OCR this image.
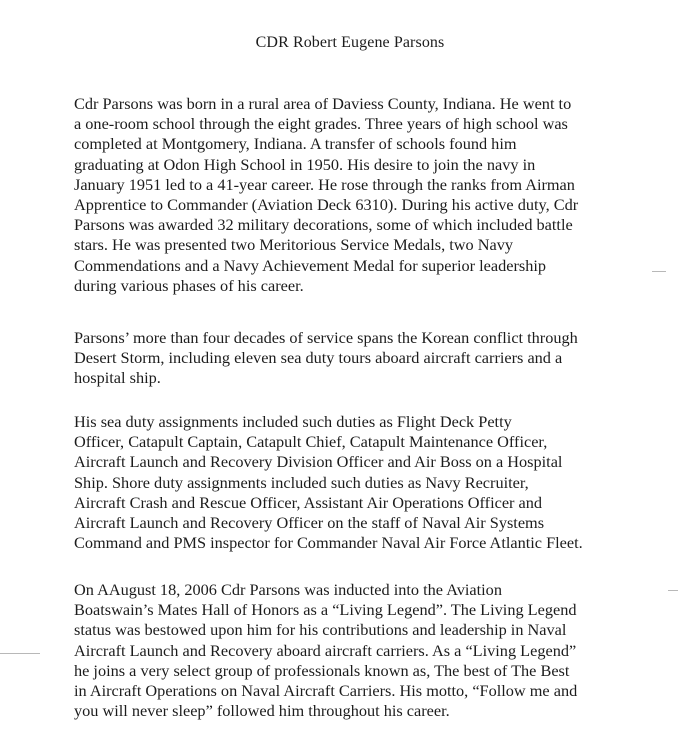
CDR Robert Eugene Parsons
Cdr Parsons was born in a rural area of Daviess County, Indiana. He went to
a one-room school through the eight grades. Three years of high school was
completed at Montgomery, Indiana. A transfer of schools found him
graduating at Odon High School in 1950. His desire to join the navy in
January 1951 led to a 41-year career. He rose through the ranks from Airman
Apprentice to Commander (Aviation Deck 6310). During his active duty, Cdr
Parsons was awarded 32 military decorations, some of which included battle
stars. He was presented two Meritorious Service Medals, two Navy
Commendations and a Navy Achievement Medal for superior leadership
during various phases of his career.
Parsons’ more than four decades of service spans the Korean conflict through
Desert Storm, including eleven sea duty tours aboard aircraft carriers and a
hospital ship.
His sea duty assignments included such duties as Flight Deck Petty
Officer, Catapult Captain, Catapult Chief, Catapult Maintenance Officer,
Aircraft Launch and Recovery Division Officer and Air Boss on a Hospital
Ship. Shore duty assignments included such duties as Navy Recruiter,
Aircraft Crash and Rescue Officer, Assistant Air Operations Officer and
Aircraft Launch and Recovery Officer on the staff of Naval Air Systems
Command and PMS inspector for Commander Naval Air Force Atlantic Fleet.
On AAugust 18, 2006 Cdr Parsons was inducted into the Aviation
Boatswain’s Mates Hall of Honors as a “Living Legend”. The Living Legend
status was bestowed upon him for his contributions and leadership in Naval
Aircraft Launch and Recovery aboard aircraft carriers. As a “Living Legend”
he joins a very select group of professionals known as, The best of The Best
in Aircraft Operations on Naval Aircraft Carriers. His motto, “Follow me and
you will never sleep” followed him throughout his career.
